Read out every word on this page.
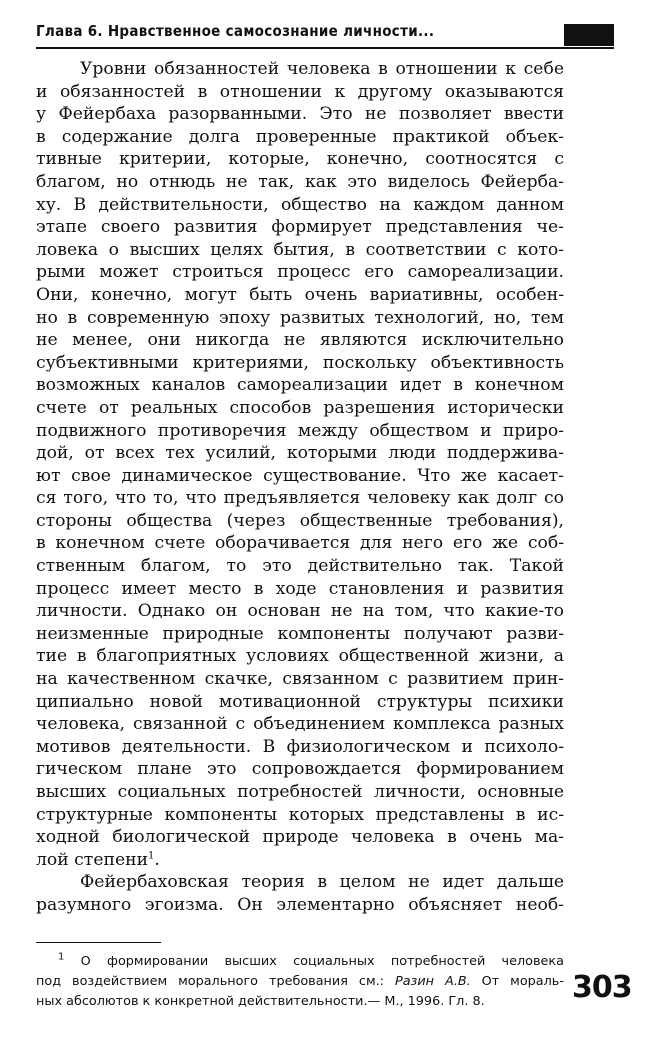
Глава 6. Нравственное самосознание личности...
Уровни обязанностей человека в отношении к себе
и обязанностей в отношении к другому оказываются
у Фейербаха разорванными. Это не позволяет ввести
в содержание долга проверенные практикой объек-
тивные критерии, которые, конечно, соотносятся с
благом, но отнюдь не так, как это виделось Фейерба-
ху. В действительности, общество на каждом данном
этапе своего развития формирует представления че-
ловека о высших целях бытия, в соответствии с кото-
рыми может строиться процесс его самореализации.
Они, конечно, могут быть очень вариативны, особен-
но в современную эпоху развитых технологий, но, тем
не менее, они никогда не являются исключительно
субъективными критериями, поскольку объективность
возможных каналов самореализации идет в конечном
счете от реальных способов разрешения исторически
подвижного противоречия между обществом и приро-
дой, от всех тех усилий, которыми люди поддержива-
ют свое динамическое существование. Что же касает-
ся того, что то, что предъявляется человеку как долг со
стороны общества (через общественные требования),
в конечном счете оборачивается для него его же соб-
ственным благом, то это действительно так. Такой
процесс имеет место в ходе становления и развития
личности. Однако он основан не на том, что какие-то
неизменные природные компоненты получают разви-
тие в благоприятных условиях общественной жизни, а
на качественном скачке, связанном с развитием прин-
ципиально новой мотивационной структуры психики
человека, связанной с объединением комплекса разных
мотивов деятельности. В физиологическом и психоло-
гическом плане это сопровождается формированием
высших социальных потребностей личности, основные
структурные компоненты которых представлены в ис-
ходной биологической природе человека в очень ма-
лой степени$^1$.
Фейербаховская теория в целом не идет дальше
разумного эгоизма. Он элементарно объясняет необ-
$^1$ О формировании высших социальных потребностей человека
под воздействием морального требования см.: Разин А.В. От мораль-
ных абсолютов к конкретной действительности.— М., 1996. Гл. 8.	303
